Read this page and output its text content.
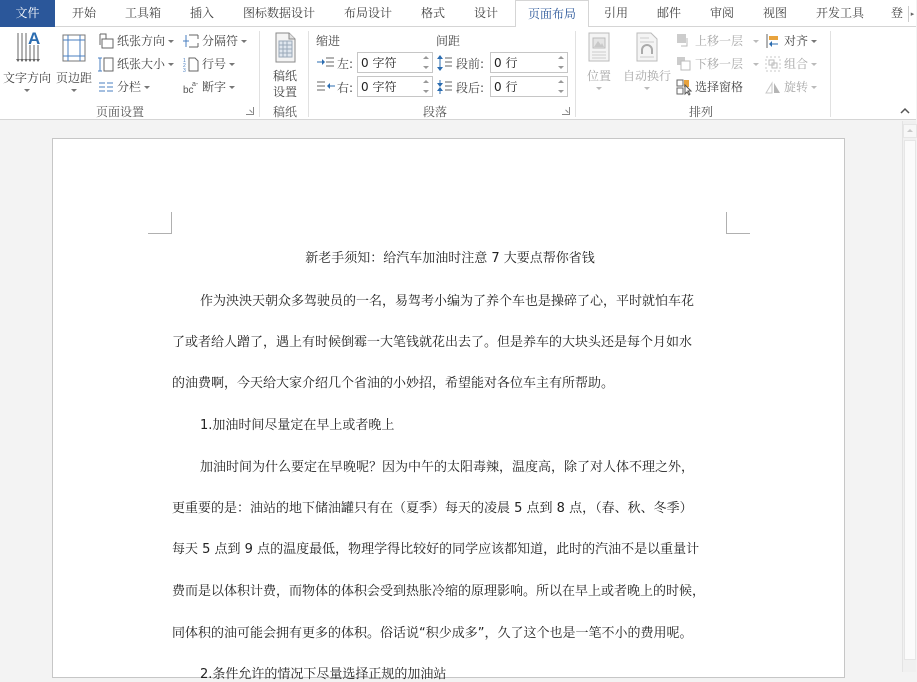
文件	开始	工具箱	插入	图标数据设计	布局设计	格式	设计	页面布局	引用	邮件	审阅	视图	开发工具	登	▸
A
文字方向 页边距
纸张方向
纸张大小
分栏
分隔符
1
2
3 行号
bc
a- 断字
页面设置
稿纸
设置
稿纸
缩进	间距
左:
0 字符
右:
0 字符
段前:
0 行
段后:
0 行
段落
位置 自动换行
上移一层
下移一层
选择窗格
对齐
组合
旋转
排列
新老手须知：给汽车加油时注意 7 大要点帮你省钱
作为泱泱天朝众多驾驶员的一名，易驾考小编为了养个车也是操碎了心，平时就怕车花
了或者给人蹭了，遇上有时候倒霉一大笔钱就花出去了。但是养车的大块头还是每个月如水
的油费啊，今天给大家介绍几个省油的小妙招，希望能对各位车主有所帮助。
1.加油时间尽量定在早上或者晚上
加油时间为什么要定在早晚呢？因为中午的太阳毒辣，温度高，除了对人体不理之外，
更重要的是：油站的地下储油罐只有在（夏季）每天的凌晨 5 点到 8 点，（春、秋、冬季）
每天 5 点到 9 点的温度最低，物理学得比较好的同学应该都知道，此时的汽油不是以重量计
费而是以体积计费，而物体的体积会受到热胀冷缩的原理影响。所以在早上或者晚上的时候，
同体积的油可能会拥有更多的体积。俗话说“积少成多”，久了这个也是一笔不小的费用呢。
2.条件允许的情况下尽量选择正规的加油站
